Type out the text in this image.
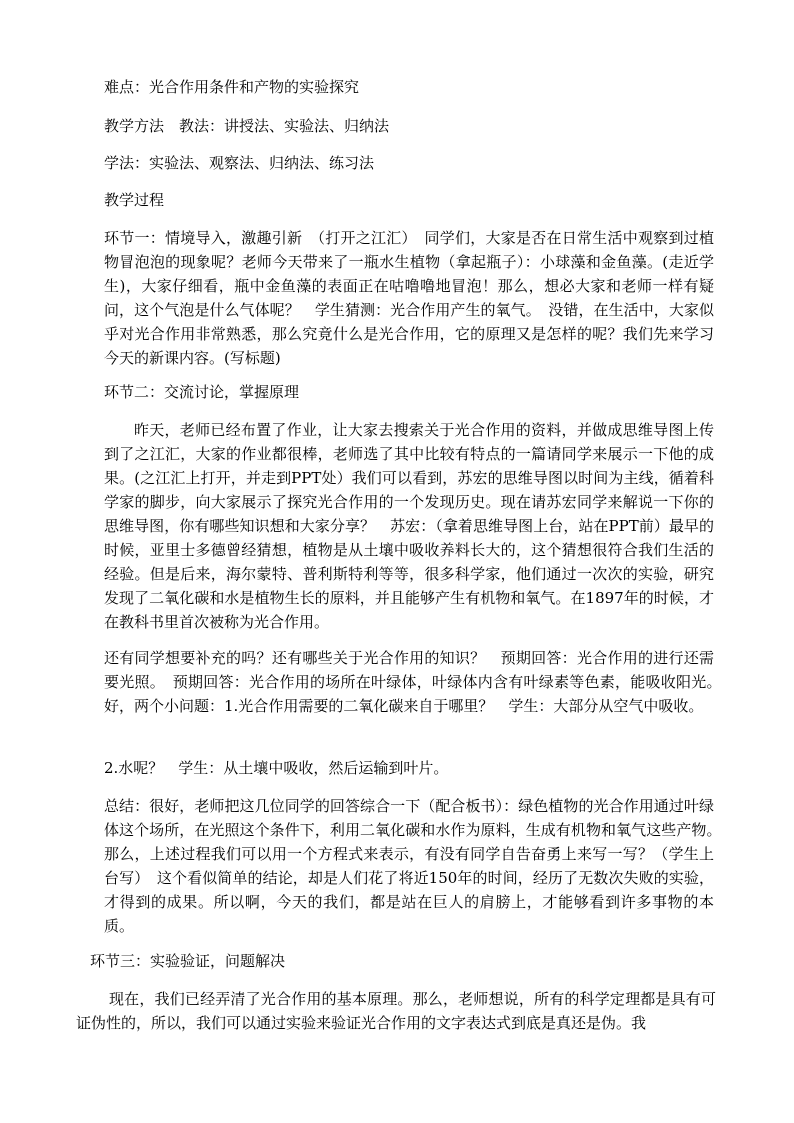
难点：光合作用条件和产物的实验探究

教学方法　教法：讲授法、实验法、归纳法

学法：实验法、观察法、归纳法、练习法

教学过程

环节一：情境导入，激趣引新　（打开之江汇）　同学们，大家是否在日常生活中观察到过植物冒泡泡的现象呢？老师今天带来了一瓶水生植物（拿起瓶子）：小球藻和金鱼藻。(走近学生)，大家仔细看，瓶中金鱼藻的表面正在咕噜噜地冒泡！那么，想必大家和老师一样有疑问，这个气泡是什么气体呢？　学生猜测：光合作用产生的氧气。　没错，在生活中，大家似乎对光合作用非常熟悉，那么究竟什么是光合作用，它的原理又是怎样的呢？我们先来学习今天的新课内容。(写标题)

环节二：交流讨论，掌握原理

昨天，老师已经布置了作业，让大家去搜索关于光合作用的资料，并做成思维导图上传到了之江汇，大家的作业都很棒，老师选了其中比较有特点的一篇请同学来展示一下他的成果。(之江汇上打开，并走到PPT处）我们可以看到，苏宏的思维导图以时间为主线，循着科学家的脚步，向大家展示了探究光合作用的一个发现历史。现在请苏宏同学来解说一下你的思维导图，你有哪些知识想和大家分享？　苏宏：（拿着思维导图上台，站在PPT前）最早的时候，亚里士多德曾经猜想，植物是从土壤中吸收养料长大的，这个猜想很符合我们生活的经验。但是后来，海尔蒙特、普利斯特利等等，很多科学家，他们通过一次次的实验，研究发现了二氧化碳和水是植物生长的原料，并且能够产生有机物和氧气。在1897年的时候，才在教科书里首次被称为光合作用。

还有同学想要补充的吗？还有哪些关于光合作用的知识？　预期回答：光合作用的进行还需要光照。　预期回答：光合作用的场所在叶绿体，叶绿体内含有叶绿素等色素，能吸收阳光。　好，两个小问题：1.光合作用需要的二氧化碳来自于哪里？　学生：大部分从空气中吸收。

2.水呢？　学生：从土壤中吸收，然后运输到叶片。

总结：很好，老师把这几位同学的回答综合一下（配合板书）：绿色植物的光合作用通过叶绿体这个场所，在光照这个条件下，利用二氧化碳和水作为原料，生成有机物和氧气这些产物。　那么，上述过程我们可以用一个方程式来表示，有没有同学自告奋勇上来写一写？（学生上台写）　这个看似简单的结论，却是人们花了将近150年的时间，经历了无数次失败的实验，才得到的成果。所以啊，今天的我们，都是站在巨人的肩膀上，才能够看到许多事物的本质。

环节三：实验验证，问题解决

现在，我们已经弄清了光合作用的基本原理。那么，老师想说，所有的科学定理都是具有可证伪性的，所以，我们可以通过实验来验证光合作用的文字表达式到底是真还是伪。我
